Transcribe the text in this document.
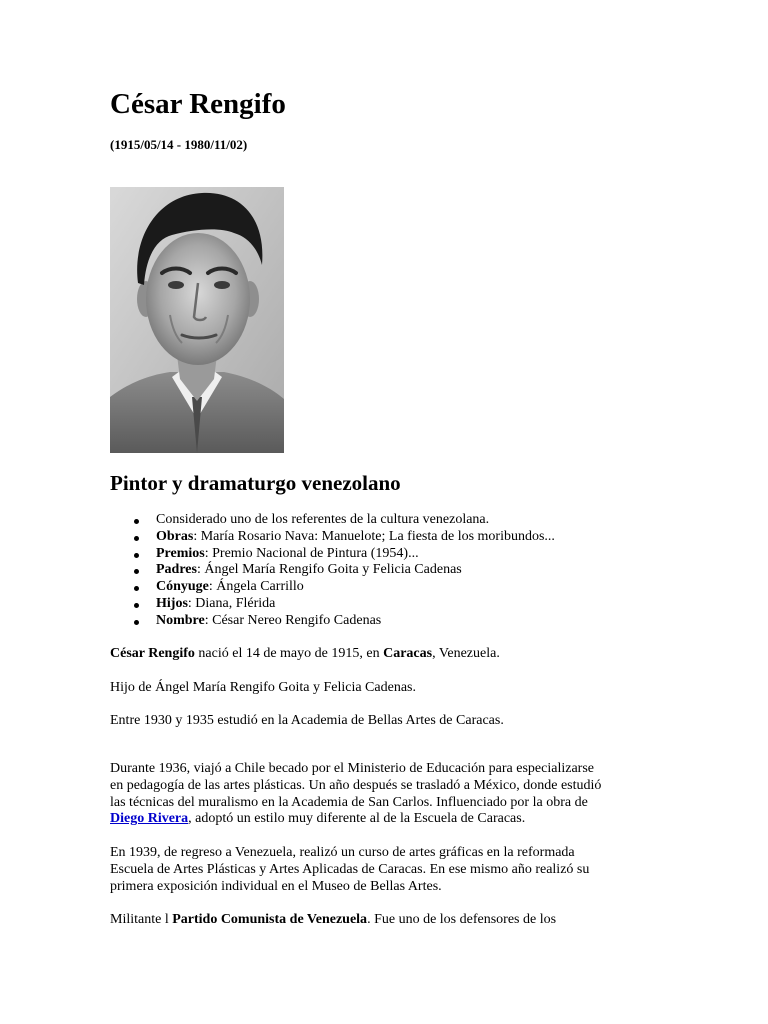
César Rengifo

(1915/05/14 - 1980/11/02)

Pintor y dramaturgo venezolano
Considerado uno de los referentes de la cultura venezolana.
Obras: María Rosario Nava: Manuelote; La fiesta de los moribundos...
Premios: Premio Nacional de Pintura (1954)...
Padres: Ángel María Rengifo Goita y Felicia Cadenas
Cónyuge: Ángela Carrillo
Hijos: Diana, Flérida
Nombre: César Nereo Rengifo Cadenas

César Rengifo nació el 14 de mayo de 1915, en Caracas, Venezuela.

Hijo de Ángel María Rengifo Goita y Felicia Cadenas.

Entre 1930 y 1935 estudió en la Academia de Bellas Artes de Caracas.

Durante 1936, viajó a Chile becado por el Ministerio de Educación para especializarse
en pedagogía de las artes plásticas. Un año después se trasladó a México, donde estudió
las técnicas del muralismo en la Academia de San Carlos. Influenciado por la obra de
Diego Rivera, adoptó un estilo muy diferente al de la Escuela de Caracas.

En 1939, de regreso a Venezuela, realizó un curso de artes gráficas en la reformada
Escuela de Artes Plásticas y Artes Aplicadas de Caracas. En ese mismo año realizó su
primera exposición individual en el Museo de Bellas Artes.

Militante l Partido Comunista de Venezuela. Fue uno de los defensores de los
